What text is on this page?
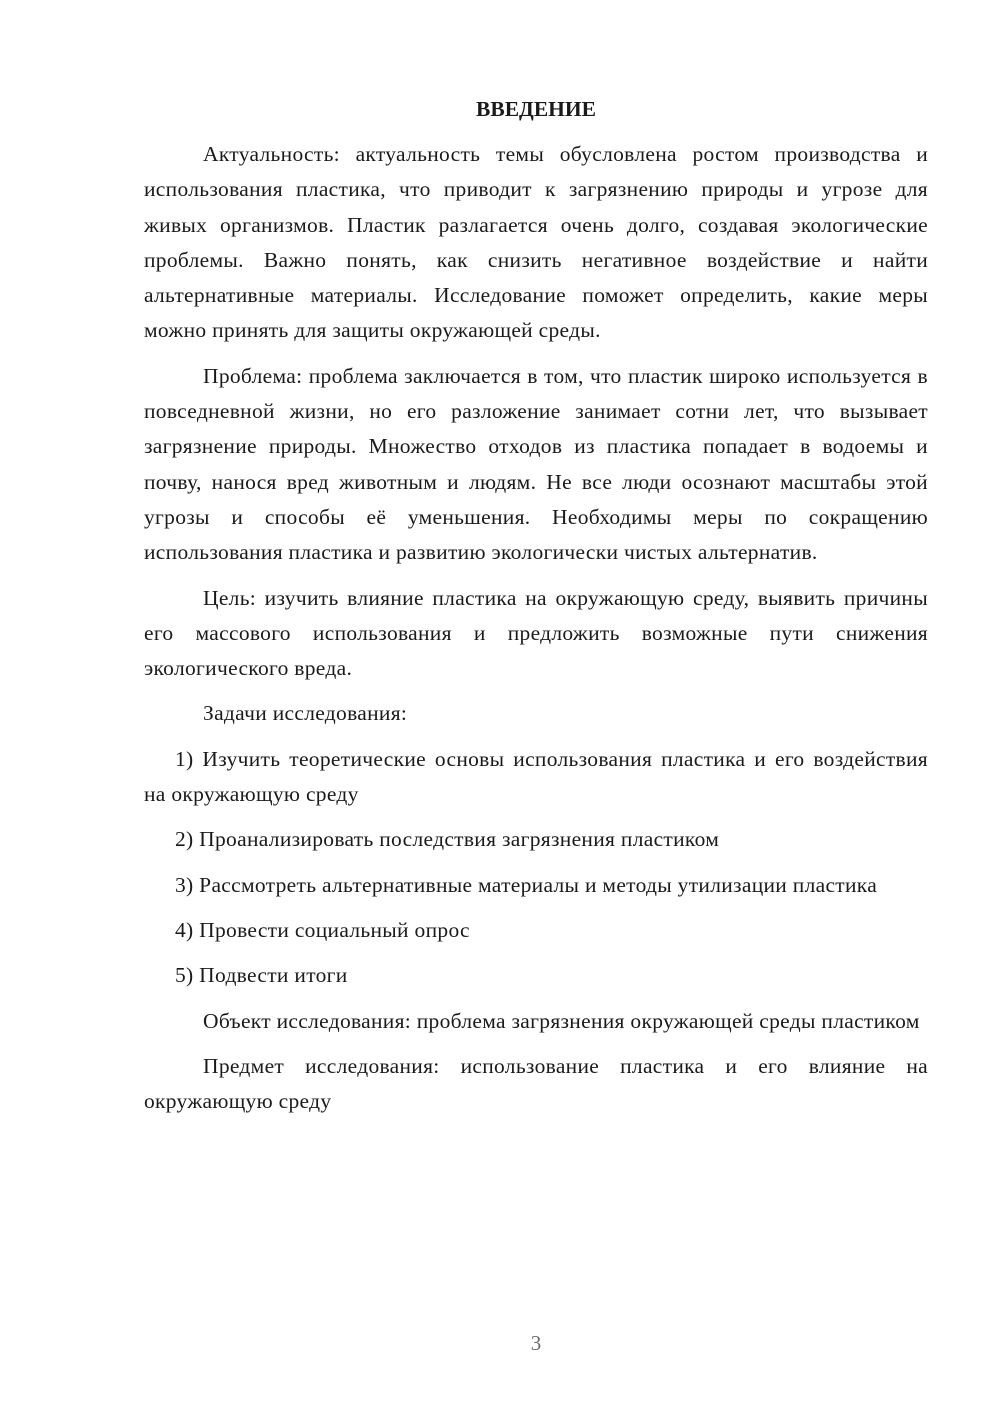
ВВЕДЕНИЕ

Актуальность: актуальность темы обусловлена ростом производства и использования пластика, что приводит к загрязнению природы и угрозе для живых организмов. Пластик разлагается очень долго, создавая экологические проблемы. Важно понять, как снизить негативное воздействие и найти альтернативные материалы. Исследование поможет определить, какие меры можно принять для защиты окружающей среды.

Проблема: проблема заключается в том, что пластик широко используется в повседневной жизни, но его разложение занимает сотни лет, что вызывает загрязнение природы. Множество отходов из пластика попадает в водоемы и почву, нанося вред животным и людям. Не все люди осознают масштабы этой угрозы и способы её уменьшения. Необходимы меры по сокращению использования пластика и развитию экологически чистых альтернатив.

Цель: изучить влияние пластика на окружающую среду, выявить причины его массового использования и предложить возможные пути снижения экологического вреда.

Задачи исследования:

1) Изучить теоретические основы использования пластика и его воздействия на окружающую среду

2) Проанализировать последствия загрязнения пластиком

3) Рассмотреть альтернативные материалы и методы утилизации пластика

4) Провести социальный опрос

5) Подвести итоги

Объект исследования: проблема загрязнения окружающей среды пластиком

Предмет исследования: использование пластика и его влияние на окружающую среду

3
